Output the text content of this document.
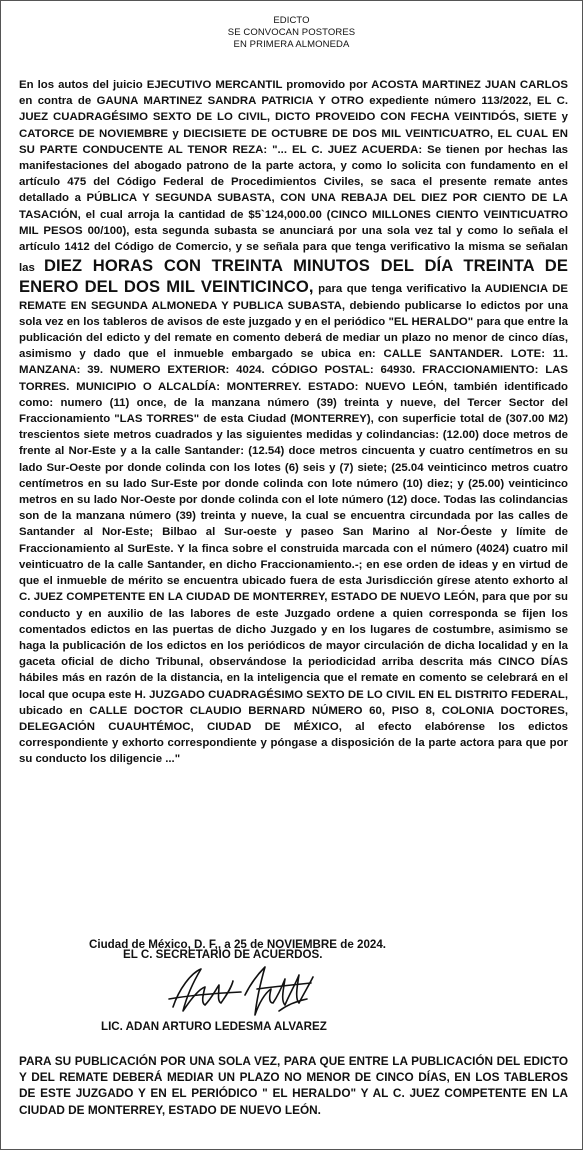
EDICTO
SE CONVOCAN POSTORES
EN PRIMERA ALMONEDA

En los autos del juicio EJECUTIVO MERCANTIL promovido por ACOSTA MARTINEZ JUAN CARLOS en contra de GAUNA MARTINEZ SANDRA PATRICIA Y OTRO expediente número 113/2022, EL C. JUEZ CUADRAGÉSIMO SEXTO DE LO CIVIL, DICTO PROVEIDO CON FECHA VEINTIDÓS, SIETE y CATORCE DE NOVIEMBRE y DIECISIETE DE OCTUBRE DE DOS MIL VEINTICUATRO, EL CUAL EN SU PARTE CONDUCENTE AL TENOR REZA: "... EL C. JUEZ ACUERDA: Se tienen por hechas las manifestaciones del abogado patrono de la parte actora, y como lo solicita con fundamento en el artículo 475 del Código Federal de Procedimientos Civiles, se saca el presente remate antes detallado a PÚBLICA Y SEGUNDA SUBASTA, CON UNA REBAJA DEL DIEZ POR CIENTO DE LA TASACIÓN, el cual arroja la cantidad de $5`124,000.00 (CINCO MILLONES CIENTO VEINTICUATRO MIL PESOS 00/100), esta segunda subasta se anunciará por una sola vez tal y como lo señala el artículo 1412 del Código de Comercio, y se señala para que tenga verificativo la misma se señalan las DIEZ HORAS CON TREINTA MINUTOS DEL DÍA TREINTA DE ENERO DEL DOS MIL VEINTICINCO, para que tenga verificativo la AUDIENCIA DE REMATE EN SEGUNDA ALMONEDA Y PUBLICA SUBASTA, debiendo publicarse lo edictos por una sola vez en los tableros de avisos de este juzgado y en el periódico "EL HERALDO" para que entre la publicación del edicto y del remate en comento deberá de mediar un plazo no menor de cinco días, asimismo y dado que el inmueble embargado se ubica en: CALLE SANTANDER. LOTE: 11. MANZANA: 39. NUMERO EXTERIOR: 4024. CÓDIGO POSTAL: 64930. FRACCIONAMIENTO: LAS TORRES. MUNICIPIO O ALCALDÍA: MONTERREY. ESTADO: NUEVO LEÓN, también identificado como: numero (11) once, de la manzana número (39) treinta y nueve, del Tercer Sector del Fraccionamiento "LAS TORRES" de esta Ciudad (MONTERREY), con superficie total de (307.00 M2) trescientos siete metros cuadrados y las siguientes medidas y colindancias: (12.00) doce metros de frente al Nor-Este y a la calle Santander: (12.54) doce metros cincuenta y cuatro centímetros en su lado Sur-Oeste por donde colinda con los lotes (6) seis y (7) siete; (25.04 veinticinco metros cuatro centímetros en su lado Sur-Este por donde colinda con lote número (10) diez; y (25.00) veinticinco metros en su lado Nor-Oeste por donde colinda con el lote número (12) doce. Todas las colindancias son de la manzana número (39) treinta y nueve, la cual se encuentra circundada por las calles de Santander al Nor-Este; Bilbao al Sur-oeste y paseo San Marino al Nor-Óeste y límite de Fraccionamiento al SurEste. Y la finca sobre el construida marcada con el número (4024) cuatro mil veinticuatro de la calle Santander, en dicho Fraccionamiento.-; en ese orden de ideas y en virtud de que el inmueble de mérito se encuentra ubicado fuera de esta Jurisdicción gírese atento exhorto al C. JUEZ COMPETENTE EN LA CIUDAD DE MONTERREY, ESTADO DE NUEVO LEÓN, para que por su conducto y en auxilio de las labores de este Juzgado ordene a quien corresponda se fijen los comentados edictos en las puertas de dicho Juzgado y en los lugares de costumbre, asimismo se haga la publicación de los edictos en los periódicos de mayor circulación de dicha localidad y en la gaceta oficial de dicho Tribunal, observándose la periodicidad arriba descrita más CINCO DÍAS hábiles más en razón de la distancia, en la inteligencia que el remate en comento se celebrará en el local que ocupa este H. JUZGADO CUADRAGÉSIMO SEXTO DE LO CIVIL EN EL DISTRITO FEDERAL, ubicado en CALLE DOCTOR CLAUDIO BERNARD NÚMERO 60, PISO 8, COLONIA DOCTORES, DELEGACIÓN CUAUHTÉMOC, CIUDAD DE MÉXICO, al efecto elabórense los edictos correspondiente y exhorto correspondiente y póngase a disposición de la parte actora para que por su conducto los diligencie ..."

Ciudad de México, D. F,, a 25 de NOVIEMBRE de 2024.
EL C. SECRETARIO DE ACUERDOS.
LIC. ADAN ARTURO LEDESMA ALVAREZ
PARA SU PUBLICACIÓN POR UNA SOLA VEZ, PARA QUE ENTRE LA PUBLICACIÓN DEL EDICTO Y DEL REMATE DEBERÁ MEDIAR UN PLAZO NO MENOR DE CINCO DÍAS, EN LOS TABLEROS DE ESTE JUZGADO Y EN EL PERIÓDICO " EL HERALDO" Y AL C. JUEZ COMPETENTE EN LA CIUDAD DE MONTERREY, ESTADO DE NUEVO LEÓN.
